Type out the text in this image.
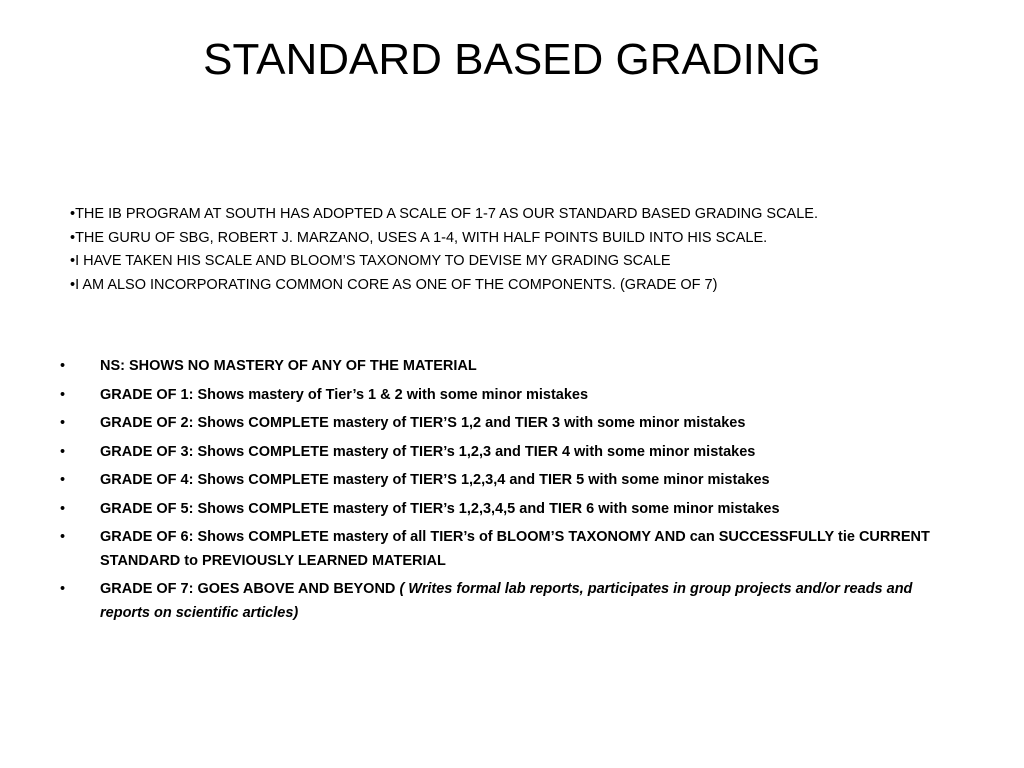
STANDARD BASED GRADING
•THE IB PROGRAM AT SOUTH HAS ADOPTED A SCALE OF 1-7 AS OUR STANDARD BASED GRADING SCALE.
•THE GURU OF SBG, ROBERT J. MARZANO, USES A 1-4, WITH HALF POINTS BUILD INTO HIS SCALE.
•I HAVE TAKEN HIS SCALE AND BLOOM’S TAXONOMY TO DEVISE MY GRADING SCALE
•I AM ALSO INCORPORATING COMMON CORE AS ONE OF THE COMPONENTS. (GRADE OF 7)
• NS: SHOWS NO MASTERY OF ANY OF THE MATERIAL
• GRADE OF 1: Shows mastery of Tier’s 1 & 2 with some minor mistakes
• GRADE OF 2: Shows COMPLETE mastery of TIER’S 1,2 and TIER 3 with some minor mistakes
• GRADE OF 3: Shows COMPLETE mastery of TIER’s 1,2,3 and TIER 4 with some minor mistakes
• GRADE OF 4: Shows COMPLETE mastery of TIER’S 1,2,3,4 and TIER 5 with some minor mistakes
• GRADE OF 5: Shows COMPLETE mastery of TIER’s 1,2,3,4,5 and TIER 6 with some minor mistakes
• GRADE OF 6: Shows COMPLETE mastery of all TIER’s of BLOOM’S TAXONOMY AND can SUCCESSFULLY tie CURRENT STANDARD to PREVIOUSLY LEARNED MATERIAL
• GRADE OF 7: GOES ABOVE AND BEYOND ( Writes formal lab reports, participates in group projects and/or reads and reports on scientific articles)
